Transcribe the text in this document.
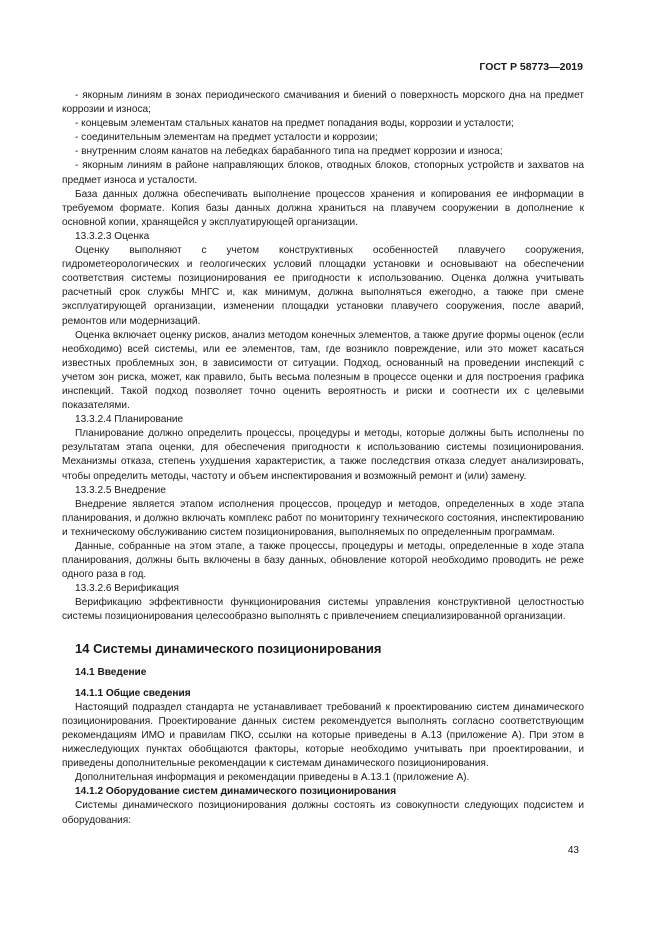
ГОСТ Р 58773—2019

- якорным линиям в зонах периодического смачивания и биений о поверхность морского дна на предмет коррозии и износа;

- концевым элементам стальных канатов на предмет попадания воды, коррозии и усталости;

- соединительным элементам на предмет усталости и коррозии;

- внутренним слоям канатов на лебедках барабанного типа на предмет коррозии и износа;

- якорным линиям в районе направляющих блоков, отводных блоков, стопорных устройств и захватов на предмет износа и усталости.

База данных должна обеспечивать выполнение процессов хранения и копирования ее информации в требуемом формате. Копия базы данных должна храниться на плавучем сооружении в дополнение к основной копии, хранящейся у эксплуатирующей организации.

13.3.2.3 Оценка

Оценку выполняют с учетом конструктивных особенностей плавучего сооружения, гидрометеорологических и геологических условий площадки установки и основывают на обеспечении соответствия системы позиционирования ее пригодности к использованию. Оценка должна учитывать расчетный срок службы МНГС и, как минимум, должна выполняться ежегодно, а также при смене эксплуатирующей организации, изменении площадки установки плавучего сооружения, после аварий, ремонтов или модернизаций.

Оценка включает оценку рисков, анализ методом конечных элементов, а также другие формы оценок (если необходимо) всей системы, или ее элементов, там, где возникло повреждение, или это может касаться известных проблемных зон, в зависимости от ситуации. Подход, основанный на проведении инспекций с учетом зон риска, может, как правило, быть весьма полезным в процессе оценки и для построения графика инспекций. Такой подход позволяет точно оценить вероятность и риски и соотнести их с целевыми показателями.

13.3.2.4 Планирование

Планирование должно определить процессы, процедуры и методы, которые должны быть исполнены по результатам этапа оценки, для обеспечения пригодности к использованию системы позиционирования. Механизмы отказа, степень ухудшения характеристик, а также последствия отказа следует анализировать, чтобы определить методы, частоту и объем инспектирования и возможный ремонт и (или) замену.

13.3.2.5 Внедрение

Внедрение является этапом исполнения процессов, процедур и методов, определенных в ходе этапа планирования, и должно включать комплекс работ по мониторингу технического состояния, инспектированию и техническому обслуживанию систем позиционирования, выполняемых по определенным программам.

Данные, собранные на этом этапе, а также процессы, процедуры и методы, определенные в ходе этапа планирования, должны быть включены в базу данных, обновление которой необходимо проводить не реже одного раза в год.

13.3.2.6 Верификация

Верификацию эффективности функционирования системы управления конструктивной целостностью системы позиционирования целесообразно выполнять с привлечением специализированной организации.

14 Системы динамического позиционирования

14.1 Введение

14.1.1 Общие сведения

Настоящий подраздел стандарта не устанавливает требований к проектированию систем динамического позиционирования. Проектирование данных систем рекомендуется выполнять согласно соответствующим рекомендациям ИМО и правилам ПКО, ссылки на которые приведены в А.13 (приложение А). При этом в нижеследующих пунктах обобщаются факторы, которые необходимо учитывать при проектировании, и приведены дополнительные рекомендации к системам динамического позиционирования.

Дополнительная информация и рекомендации приведены в А.13.1 (приложение А).

14.1.2 Оборудование систем динамического позиционирования

Системы динамического позиционирования должны состоять из совокупности следующих подсистем и оборудования:

43
